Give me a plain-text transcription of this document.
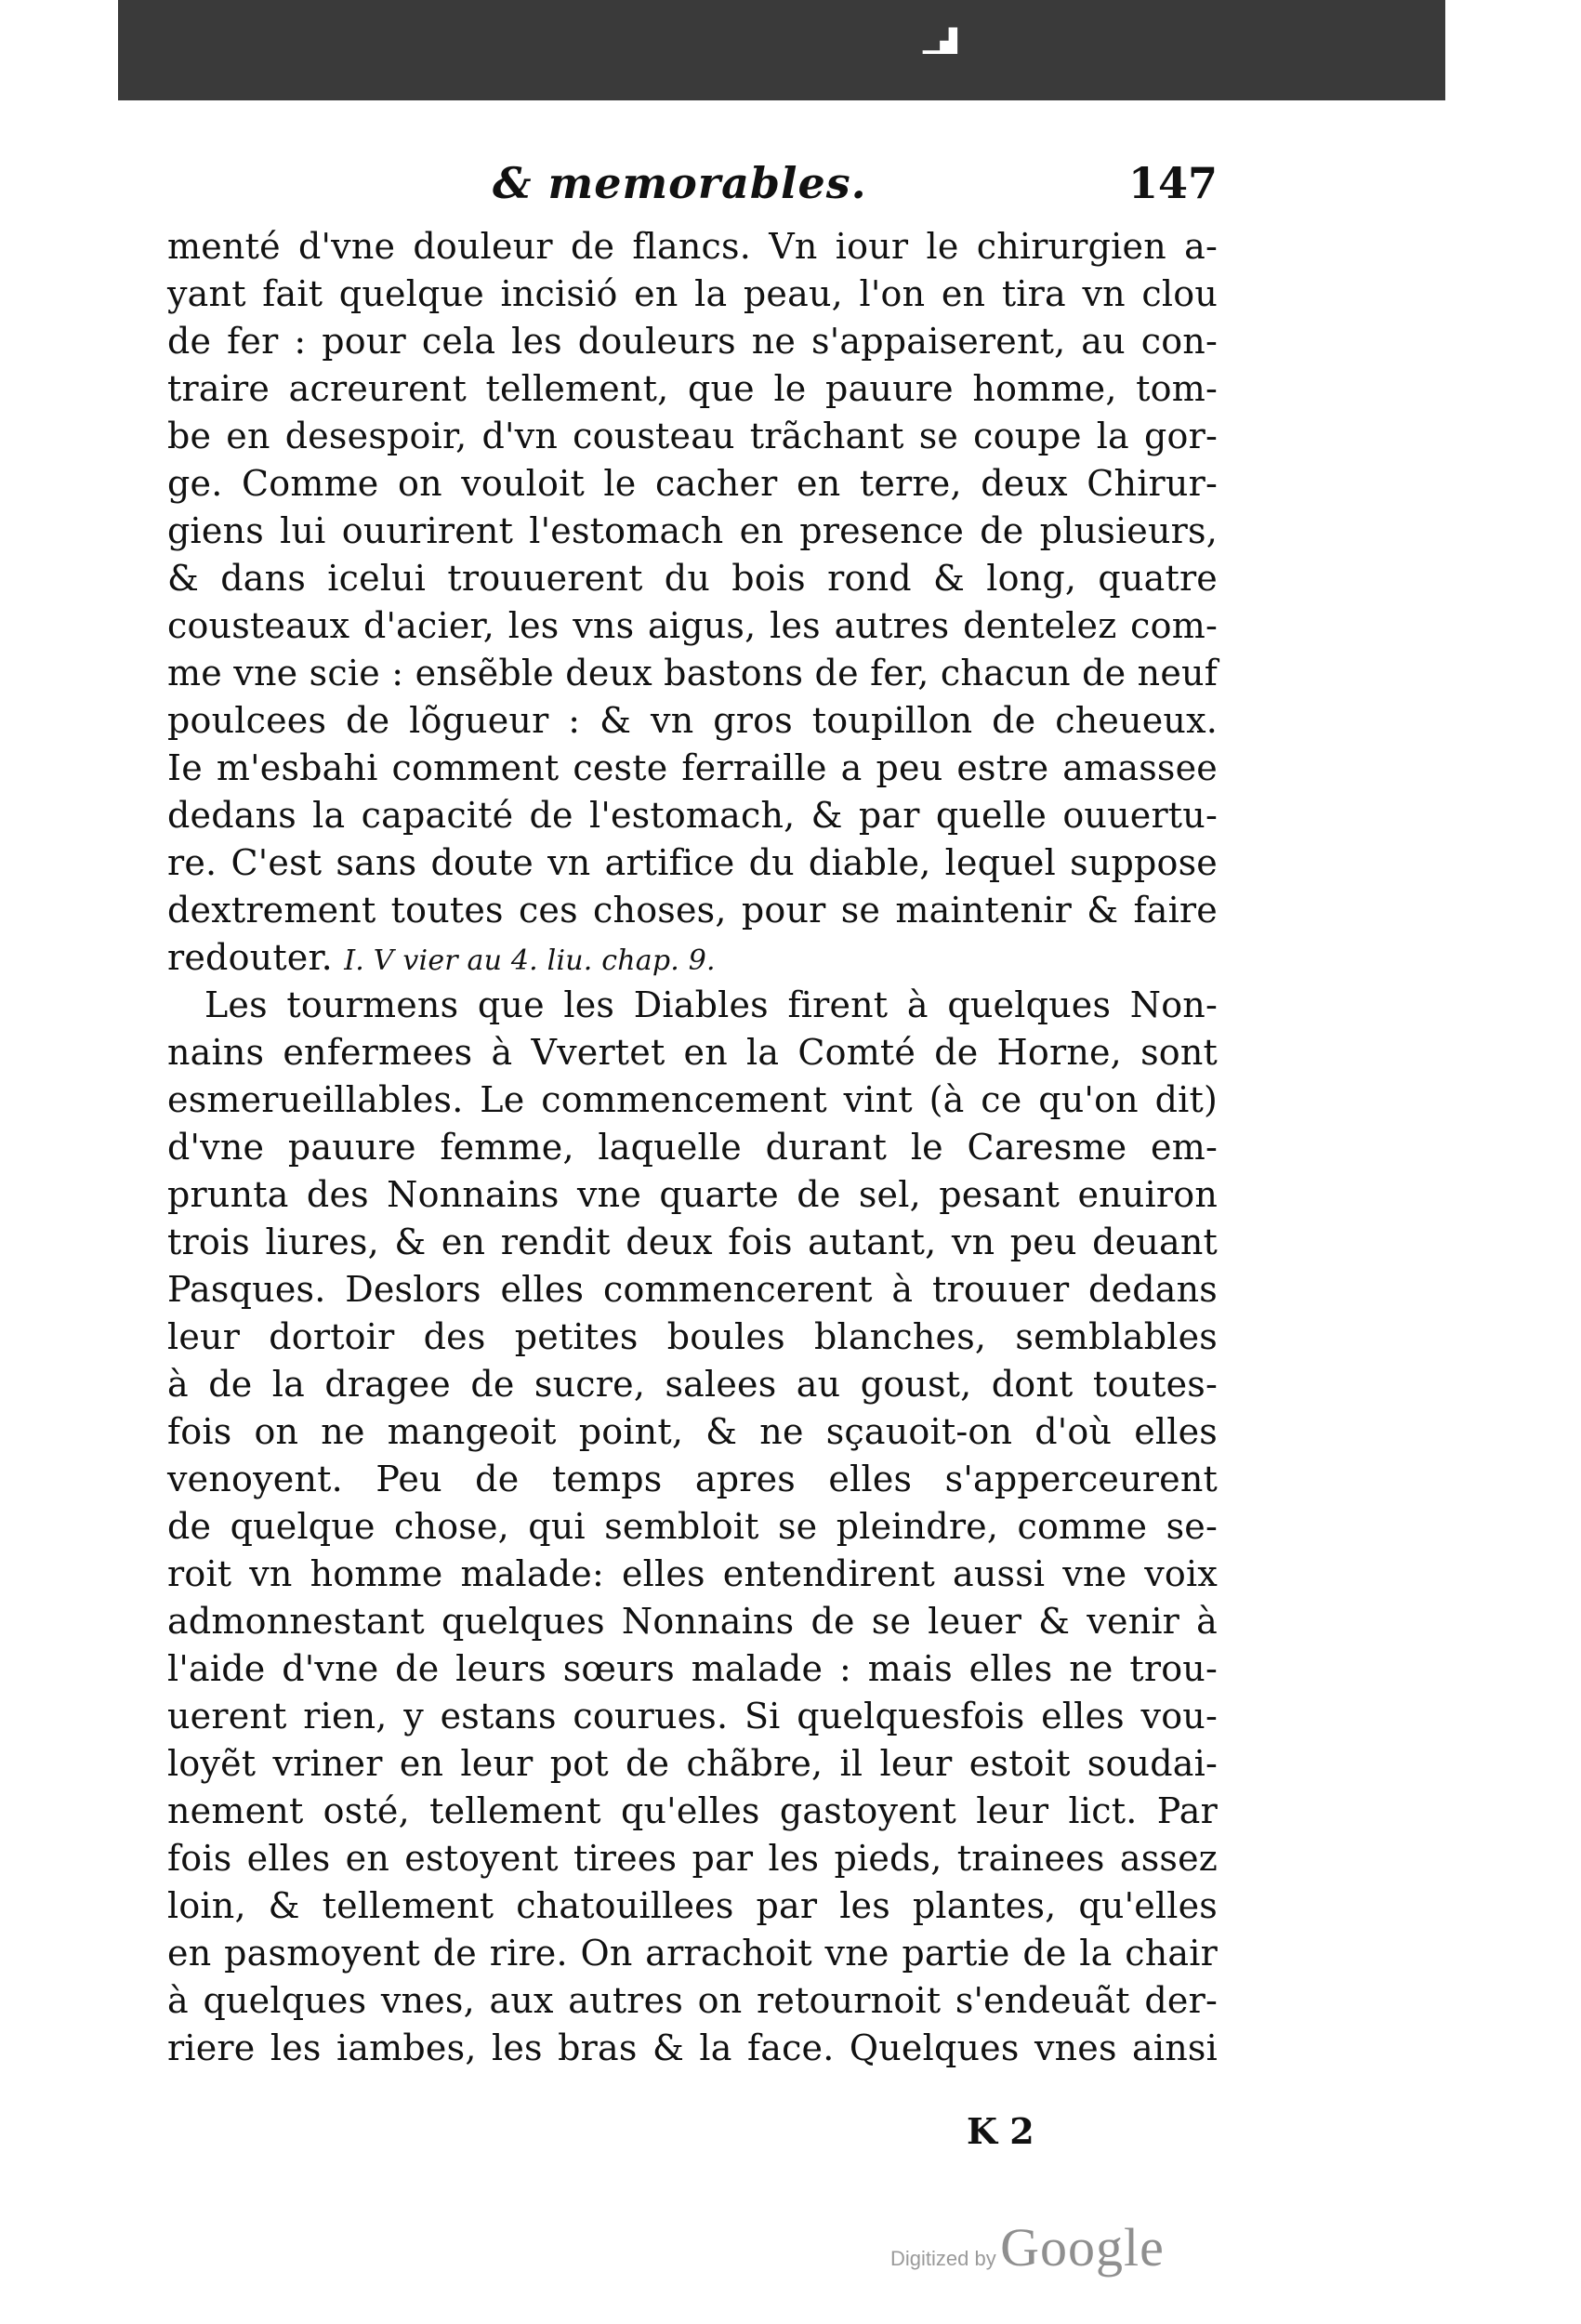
▁▟
& memorables.	147
menté d'vne douleur de flancs. Vn iour le chirurgien a-
yant fait quelque incisió en la peau, l'on en tira vn clou
de fer : pour cela les douleurs ne s'appaiserent, au con-
traire acreurent tellement, que le pauure homme, tom-
be en desespoir, d'vn cousteau trãchant se coupe la gor-
ge. Comme on vouloit le cacher en terre, deux Chirur-
giens lui ouurirent l'estomach en presence de plusieurs,
& dans icelui trouuerent du bois rond & long, quatre
cousteaux d'acier, les vns aigus, les autres dentelez com-
me vne scie : ensẽble deux bastons de fer, chacun de neuf
poulcees de lõgueur : & vn gros toupillon de cheueux.
Ie m'esbahi comment ceste ferraille a peu estre amassee
dedans la capacité de l'estomach, & par quelle ouuertu-
re. C'est sans doute vn artifice du diable, lequel suppose
dextrement toutes ces choses, pour se maintenir & faire
redouter. I. V vier au 4. liu. chap. 9.
Les tourmens que les Diables firent à quelques Non-
nains enfermees à Vvertet en la Comté de Horne, sont
esmerueillables. Le commencement vint (à ce qu'on dit)
d'vne pauure femme, laquelle durant le Caresme em-
prunta des Nonnains vne quarte de sel, pesant enuiron
trois liures, & en rendit deux fois autant, vn peu deuant
Pasques. Deslors elles commencerent à trouuer dedans
leur dortoir des petites boules blanches, semblables
à de la dragee de sucre, salees au goust, dont toutes-
fois on ne mangeoit point, & ne sçauoit-on d'où elles
venoyent. Peu de temps apres elles s'apperceurent
de quelque chose, qui sembloit se pleindre, comme se-
roit vn homme malade: elles entendirent aussi vne voix
admonnestant quelques Nonnains de se leuer & venir à
l'aide d'vne de leurs sœurs malade : mais elles ne trou-
uerent rien, y estans courues. Si quelquesfois elles vou-
loyẽt vriner en leur pot de chãbre, il leur estoit soudai-
nement osté, tellement qu'elles gastoyent leur lict. Par
fois elles en estoyent tirees par les pieds, trainees assez
loin, & tellement chatouillees par les plantes, qu'elles
en pasmoyent de rire. On arrachoit vne partie de la chair
à quelques vnes, aux autres on retournoit s'endeuãt der-
riere les iambes, les bras & la face. Quelques vnes ainsi
K 2
Digitized by Google
